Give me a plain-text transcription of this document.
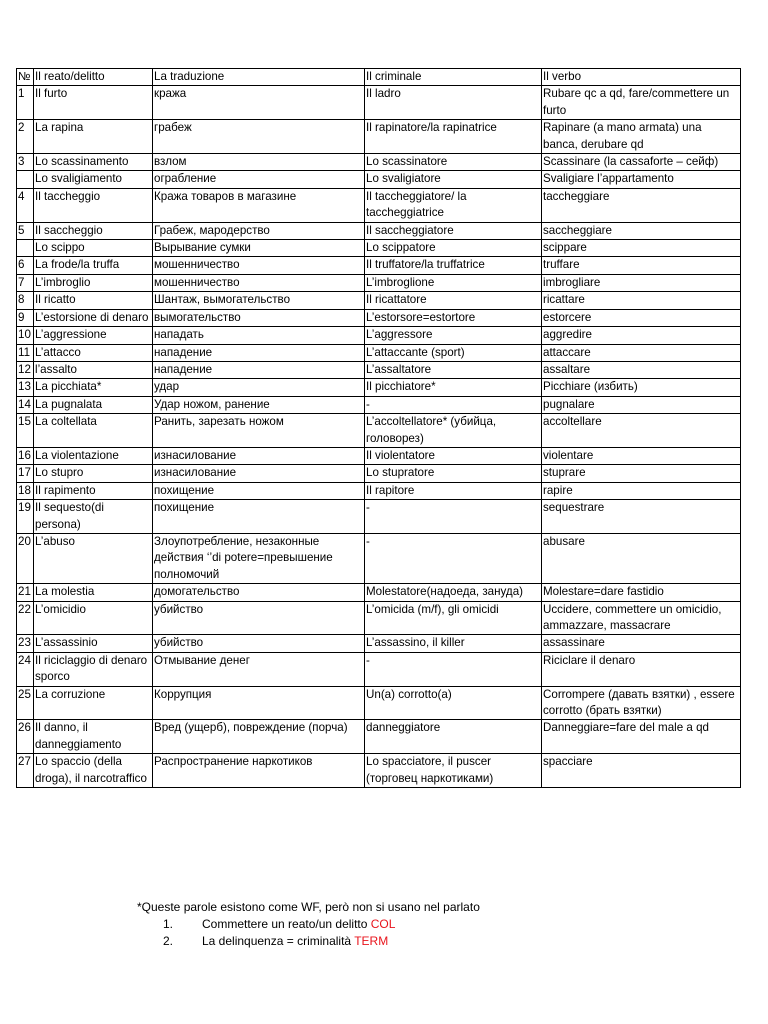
№	Il reato/delitto	La traduzione	Il criminale	Il verbo
1	Il furto	кража	Il ladro	Rubare qc a qd, fare/commettere un furto
2	La rapina	грабеж	Il rapinatore/la rapinatrice	Rapinare (a mano armata) una banca, derubare qd
3	Lo scassinamento	взлом	Lo scassinatore	Scassinare (la cassaforte – сейф)
	Lo svaligiamento	ограбление	Lo svaligiatore	Svaligiare l’appartamento
4	Il taccheggio	Кража товаров в магазине	Il taccheggiatore/ la taccheggiatrice	taccheggiare
5	Il saccheggio	Грабеж, мародерство	Il saccheggiatore	saccheggiare
	Lo scippo	Вырывание сумки	Lo scippatore	scippare
6	La frode/la truffa	мошенничество	Il truffatore/la truffatrice	truffare
7	L’imbroglio	мошенничество	L’imbroglione	imbrogliare
8	Il ricatto	Шантаж, вымогательство	Il ricattatore	ricattare
9	L’estorsione di denaro	вымогательство	L’estorsore=estortore	estorcere
10	L’aggressione	нападать	L’aggressore	aggredire
11	L’attacco	нападение	L’attaccante (sport)	attaccare
12	l’assalto	нападение	L’assaltatore	assaltare
13	La picchiata*	удар	Il picchiatore*	Picchiare (избить)
14	La pugnalata	Удар ножом, ранение	-	pugnalare
15	La coltellata	Ранить, зарезать ножом	L’accoltellatore* (убийца, головорез)	accoltellare
16	La violentazione	изнасилование	Il violentatore	violentare
17	Lo stupro	изнасилование	Lo stupratore	stuprare
18	Il rapimento	похищение	Il rapitore	rapire
19	Il sequesto(di persona)	похищение	-	sequestrare
20	L’abuso	Злоупотребление, незаконные действия ‘’di potere=превышение полномочий	-	abusare
21	La molestia	домогательство	Molestatore(надоеда, зануда)	Molestare=dare fastidio
22	L’omicidio	убийство	L’omicida (m/f), gli omicidi	Uccidere, commettere un omicidio, ammazzare, massacrare
23	L’assassinio	убийство	L’assassino, il killer	assassinare
24	Il riciclaggio di denaro sporco	Отмывание денег	-	Riciclare il denaro
25	La corruzione	Коррупция	Un(a) corrotto(a)	Corrompere (давать взятки) , essere corrotto (брать взятки)
26	Il danno, il danneggiamento	Вред (ущерб), повреждение (порча)	danneggiatore	Danneggiare=fare del male a qd
27	Lo spaccio (della droga), il narcotraffico	Распространение наркотиков	Lo spacciatore, il puscer (торговец наркотиками)	spacciare
*Queste parole esistono come WF, però non si usano nel parlato
1. Commettere un reato/un delitto COL
2. La delinquenza = criminalità TERM
